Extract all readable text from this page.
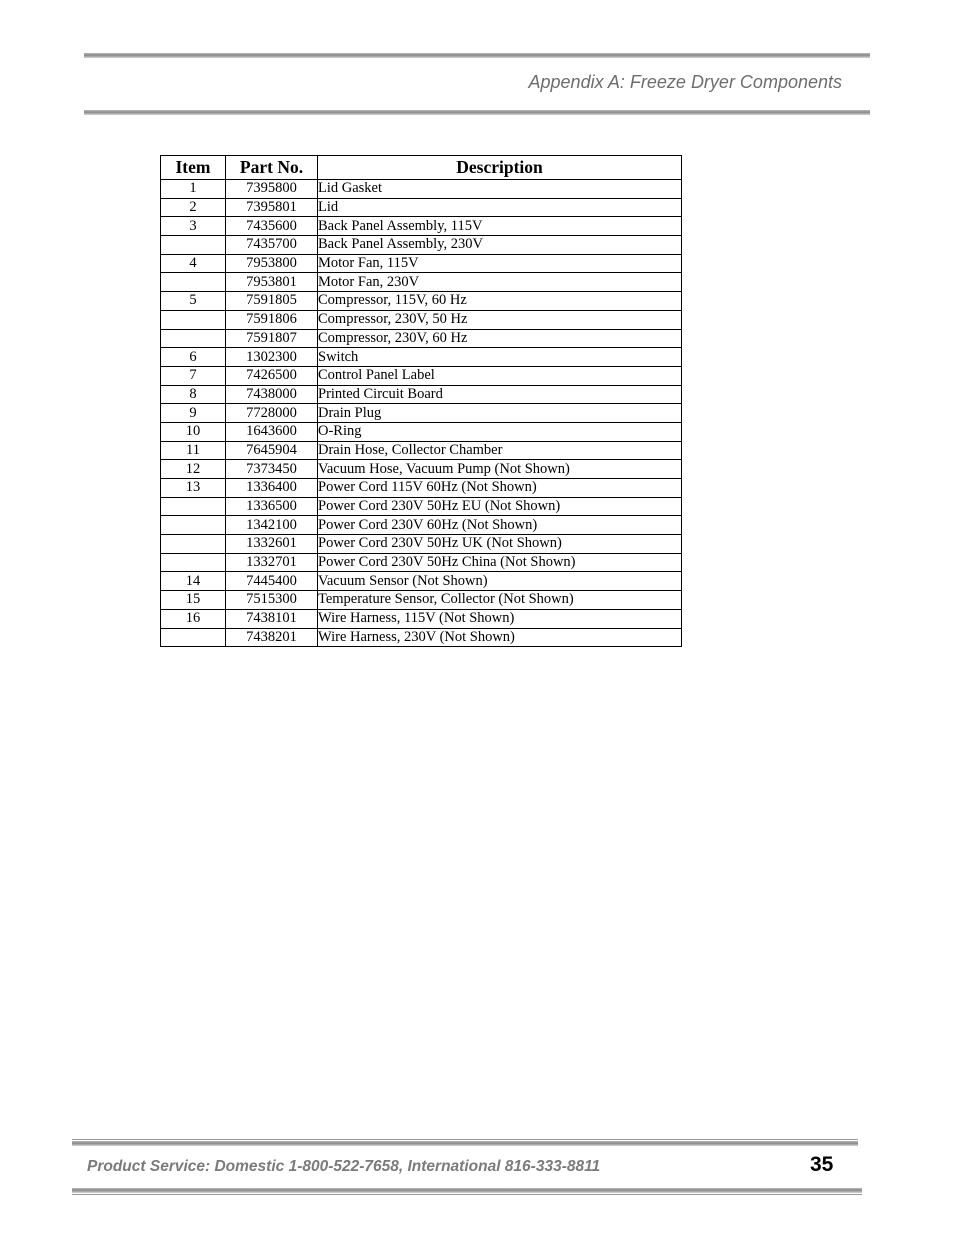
Appendix A: Freeze Dryer Components
Item	Part No.	Description
1	7395800	Lid Gasket
2	7395801	Lid
3	7435600	Back Panel Assembly, 115V
	7435700	Back Panel Assembly, 230V
4	7953800	Motor Fan, 115V
	7953801	Motor Fan, 230V
5	7591805	Compressor, 115V, 60 Hz
	7591806	Compressor, 230V, 50 Hz
	7591807	Compressor, 230V, 60 Hz
6	1302300	Switch
7	7426500	Control Panel Label
8	7438000	Printed Circuit Board
9	7728000	Drain Plug
10	1643600	O-Ring
11	7645904	Drain Hose, Collector Chamber
12	7373450	Vacuum Hose, Vacuum Pump (Not Shown)
13	1336400	Power Cord 115V 60Hz (Not Shown)
	1336500	Power Cord 230V 50Hz EU (Not Shown)
	1342100	Power Cord 230V 60Hz (Not Shown)
	1332601	Power Cord 230V 50Hz UK (Not Shown)
	1332701	Power Cord 230V 50Hz China (Not Shown)
14	7445400	Vacuum Sensor (Not Shown)
15	7515300	Temperature Sensor, Collector (Not Shown)
16	7438101	Wire Harness, 115V (Not Shown)
	7438201	Wire Harness, 230V (Not Shown)
Product Service: Domestic 1-800-522-7658, International 816-333-8811	35
